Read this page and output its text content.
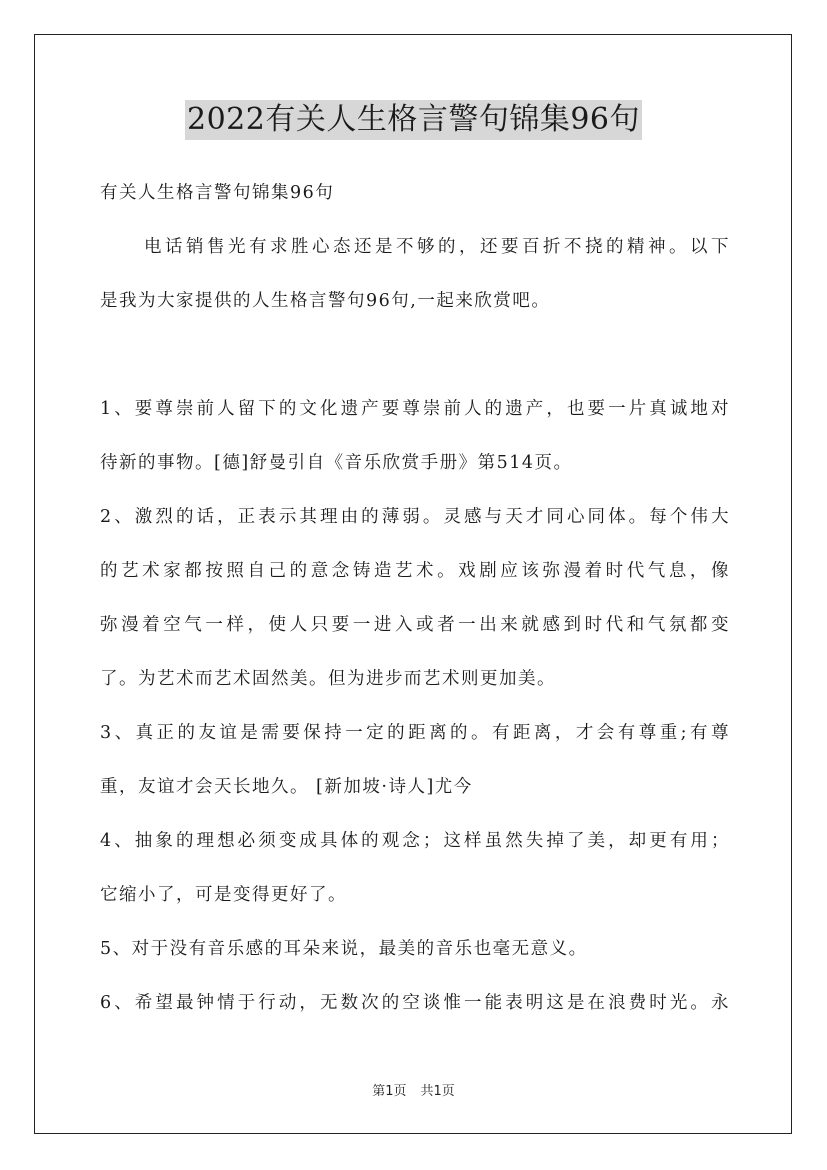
2022有关人生格言警句锦集96句
有关人生格言警句锦集96句
电话销售光有求胜心态还是不够的，还要百折不挠的精神。以下
是我为大家提供的人生格言警句96句,一起来欣赏吧。
1、要尊崇前人留下的文化遗产要尊崇前人的遗产，也要一片真诚地对
待新的事物。[德]舒曼引自《音乐欣赏手册》第514页。
2、激烈的话，正表示其理由的薄弱。灵感与天才同心同体。每个伟大
的艺术家都按照自己的意念铸造艺术。戏剧应该弥漫着时代气息，像
弥漫着空气一样，使人只要一进入或者一出来就感到时代和气氛都变
了。为艺术而艺术固然美。但为进步而艺术则更加美。
3、真正的友谊是需要保持一定的距离的。有距离，才会有尊重;有尊
重，友谊才会天长地久。 [新加坡·诗人]尤今
4、抽象的理想必须变成具体的观念；这样虽然失掉了美，却更有用；
它缩小了，可是变得更好了。
5、对于没有音乐感的耳朵来说，最美的音乐也毫无意义。
6、希望最钟情于行动，无数次的空谈惟一能表明这是在浪费时光。永
第1页 共1页
